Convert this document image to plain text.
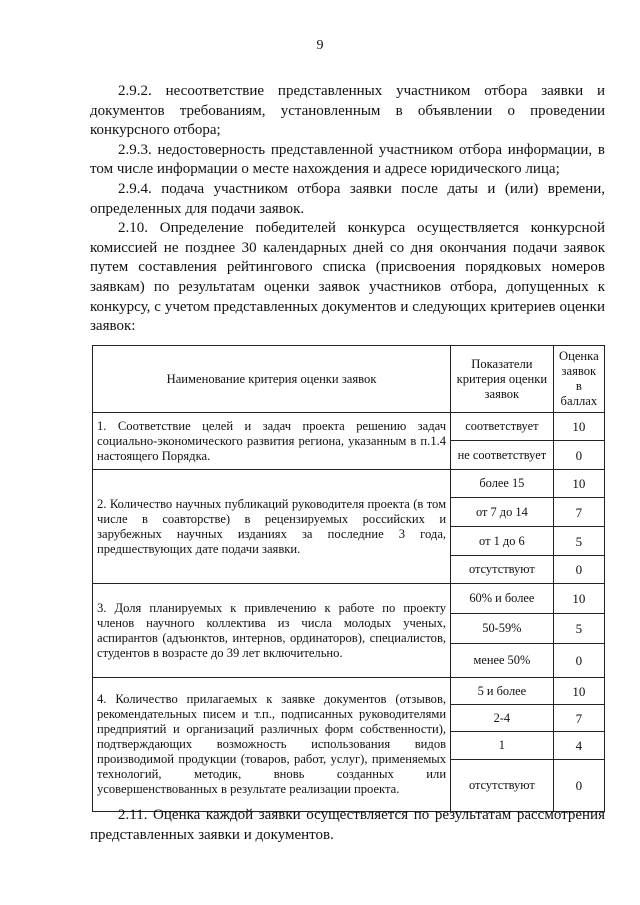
9

2.9.2. несоответствие представленных участником отбора заявки и документов требованиям, установленным в объявлении о проведении конкурсного отбора;

2.9.3. недостоверность представленной участником отбора информации, в том числе информации о месте нахождения и адресе юридического лица;

2.9.4. подача участником отбора заявки после даты и (или) времени, определенных для подачи заявок.

2.10. Определение победителей конкурса осуществляется конкурсной комиссией не позднее 30 календарных дней со дня окончания подачи заявок путем составления рейтингового списка (присвоения порядковых номеров заявкам) по результатам оценки заявок участников отбора, допущенных к конкурсу, с учетом представленных документов и следующих критериев оценки заявок:

Наименование критерия оценки заявок	Показатели критерия оценки заявок	Оценка заявок в баллах
1. Соответствие целей и задач проекта решению задач социально-экономического развития региона, указанным в п.1.4 настоящего Порядка.	соответствует	10
	не соответствует	0
2. Количество научных публикаций руководителя проекта (в том числе в соавторстве) в рецензируемых российских и зарубежных научных изданиях за последние 3 года, предшествующих дате подачи заявки.	более 15	10
	от 7 до 14	7
	от 1 до 6	5
	отсутствуют	0
3. Доля планируемых к привлечению к работе по проекту членов научного коллектива из числа молодых ученых, аспирантов (адъюнктов, интернов, ординаторов), специалистов, студентов в возрасте до 39 лет включительно.	60% и более	10
	50-59%	5
	менее 50%	0
4. Количество прилагаемых к заявке документов (отзывов, рекомендательных писем и т.п., подписанных руководителями предприятий и организаций различных форм собственности), подтверждающих возможность использования видов производимой продукции (товаров, работ, услуг), применяемых технологий, методик, вновь созданных или усовершенствованных в результате реализации проекта.	5 и более	10
	2-4	7
	1	4
	отсутствуют	0

2.11. Оценка каждой заявки осуществляется по результатам рассмотрения представленных заявки и документов.
